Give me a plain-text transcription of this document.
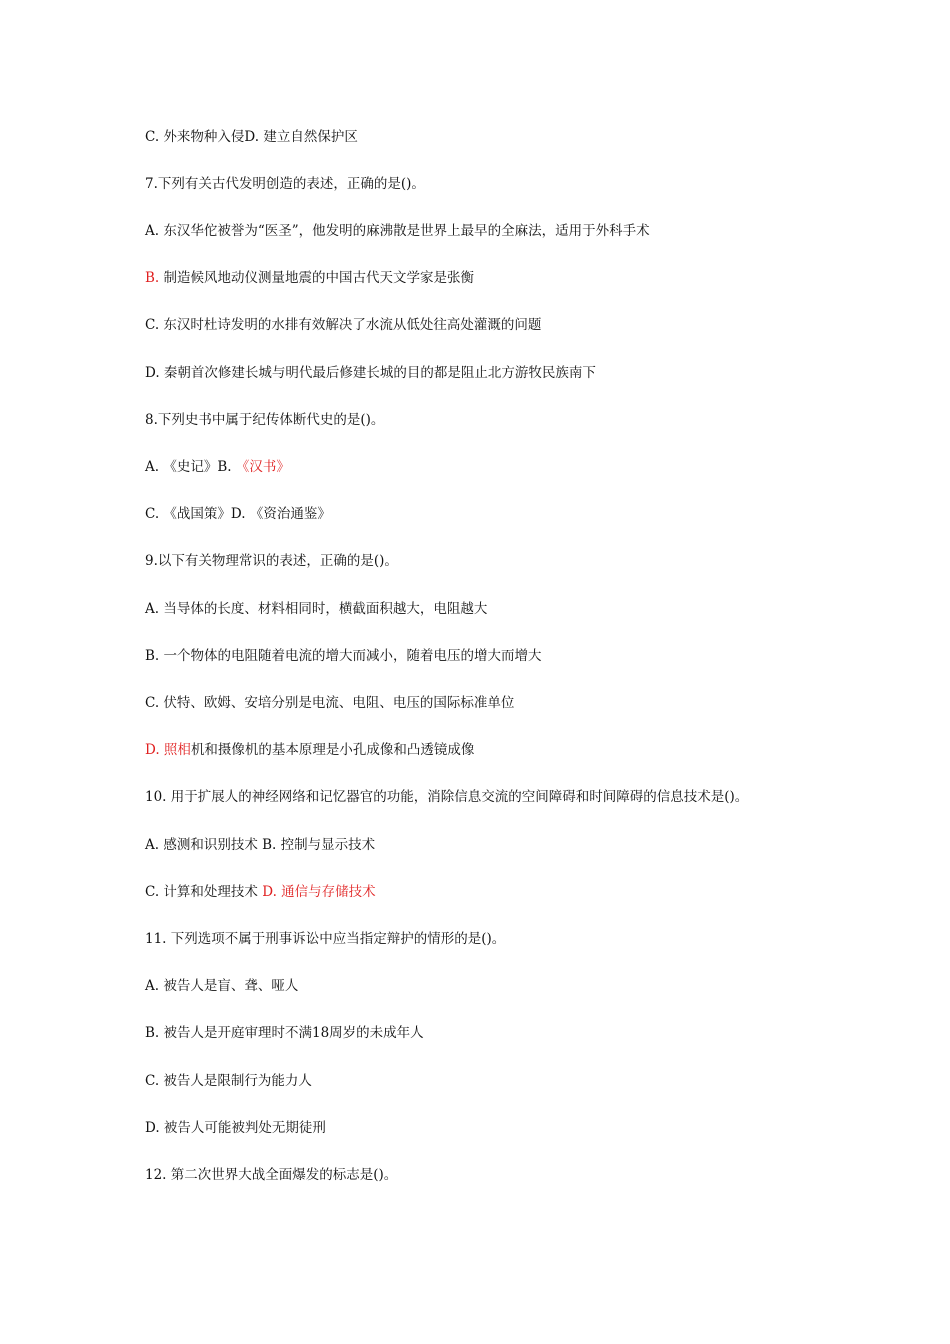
C. 外来物种入侵D. 建立自然保护区
7.下列有关古代发明创造的表述，正确的是()。
A. 东汉华佗被誉为“医圣”，他发明的麻沸散是世界上最早的全麻法，适用于外科手术
B. 制造候风地动仪测量地震的中国古代天文学家是张衡
C. 东汉时杜诗发明的水排有效解决了水流从低处往高处灌溉的问题
D. 秦朝首次修建长城与明代最后修建长城的目的都是阻止北方游牧民族南下
8.下列史书中属于纪传体断代史的是()。
A. 《史记》B. 《汉书》
C. 《战国策》D. 《资治通鉴》
9.以下有关物理常识的表述，正确的是()。
A. 当导体的长度、材料相同时，横截面积越大，电阻越大
B. 一个物体的电阻随着电流的增大而减小，随着电压的增大而增大
C. 伏特、欧姆、安培分别是电流、电阻、电压的国际标准单位
D. 照相机和摄像机的基本原理是小孔成像和凸透镜成像
10. 用于扩展人的神经网络和记忆器官的功能，消除信息交流的空间障碍和时间障碍的信息技术是()。
A. 感测和识别技术 B. 控制与显示技术
C. 计算和处理技术 D. 通信与存储技术
11. 下列选项不属于刑事诉讼中应当指定辩护的情形的是()。
A. 被告人是盲、聋、哑人
B. 被告人是开庭审理时不满18周岁的未成年人
C. 被告人是限制行为能力人
D. 被告人可能被判处无期徒刑
12. 第二次世界大战全面爆发的标志是()。
